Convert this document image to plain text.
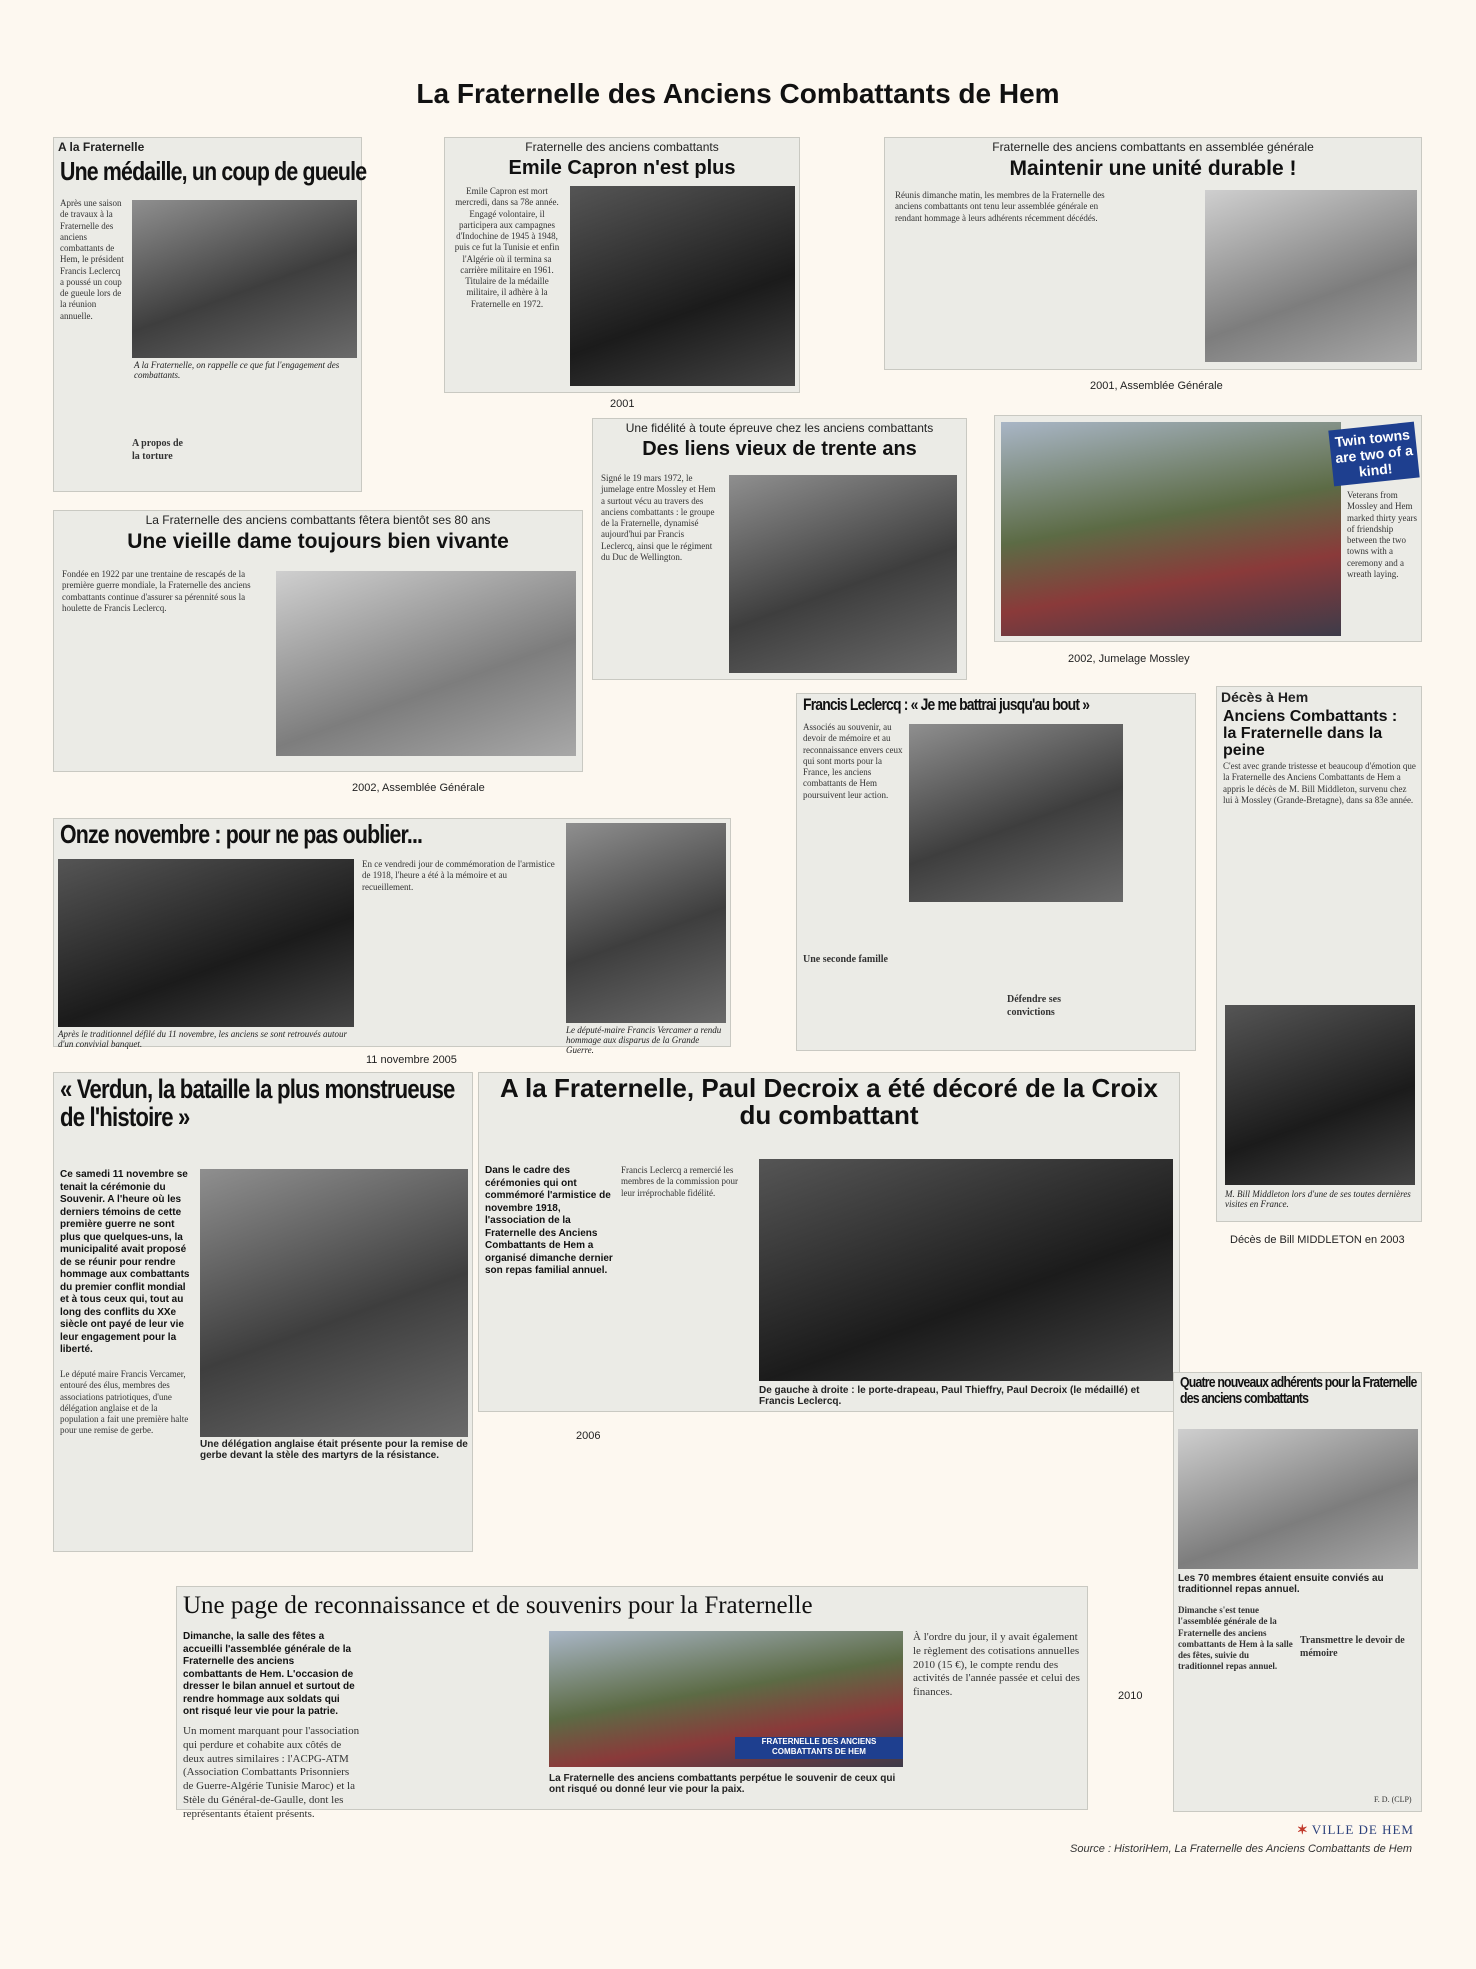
La Fraternelle des Anciens Combattants de Hem
A la Fraternelle
Une médaille, un coup de gueule
Après une saison de travaux à la Fraternelle des anciens combattants de Hem, le président Francis Leclercq a poussé un coup de gueule lors de la réunion annuelle.
A la Fraternelle, on rappelle ce que fut l'engagement des combattants.
A propos de la torture
Fraternelle des anciens combattants
Emile Capron n'est plus
Emile Capron est mort mercredi, dans sa 78e année. Engagé volontaire, il participera aux campagnes d'Indochine de 1945 à 1948, puis ce fut la Tunisie et enfin l'Algérie où il termina sa carrière militaire en 1961. Titulaire de la médaille militaire, il adhère à la Fraternelle en 1972.
2001
Fraternelle des anciens combattants en assemblée générale
Maintenir une unité durable !
Réunis dimanche matin, les membres de la Fraternelle des anciens combattants ont tenu leur assemblée générale en rendant hommage à leurs adhérents récemment décédés.
2001, Assemblée Générale
Une fidélité à toute épreuve chez les anciens combattants
Des liens vieux de trente ans
Signé le 19 mars 1972, le jumelage entre Mossley et Hem a surtout vécu au travers des anciens combattants : le groupe de la Fraternelle, dynamisé aujourd'hui par Francis Leclercq, ainsi que le régiment du Duc de Wellington.
Twin towns are two of a kind!
Veterans from Mossley and Hem marked thirty years of friendship between the two towns with a ceremony and a wreath laying.
2002, Jumelage Mossley
La Fraternelle des anciens combattants fêtera bientôt ses 80 ans
Une vieille dame toujours bien vivante
Fondée en 1922 par une trentaine de rescapés de la première guerre mondiale, la Fraternelle des anciens combattants continue d'assurer sa pérennité sous la houlette de Francis Leclercq.
2002, Assemblée Générale
Francis Leclercq : « Je me battrai jusqu'au bout »
Associés au souvenir, au devoir de mémoire et au reconnaissance envers ceux qui sont morts pour la France, les anciens combattants de Hem poursuivent leur action.
Une seconde famille
Défendre ses convictions
Décès à Hem
Anciens Combattants : la Fraternelle dans la peine
C'est avec grande tristesse et beaucoup d'émotion que la Fraternelle des Anciens Combattants de Hem a appris le décès de M. Bill Middleton, survenu chez lui à Mossley (Grande-Bretagne), dans sa 83e année.
M. Bill Middleton lors d'une de ses toutes dernières visites en France.
Décès de Bill MIDDLETON en 2003
Onze novembre : pour ne pas oublier...
Après le traditionnel défilé du 11 novembre, les anciens se sont retrouvés autour d'un convivial banquet.
En ce vendredi jour de commémoration de l'armistice de 1918, l'heure a été à la mémoire et au recueillement.
Le député-maire Francis Vercamer a rendu hommage aux disparus de la Grande Guerre.
11 novembre 2005
« Verdun, la bataille la plus monstrueuse de l'histoire »
Ce samedi 11 novembre se tenait la cérémonie du Souvenir. A l'heure où les derniers témoins de cette première guerre ne sont plus que quelques-uns, la municipalité avait proposé de se réunir pour rendre hommage aux combattants du premier conflit mondial et à tous ceux qui, tout au long des conflits du XXe siècle ont payé de leur vie leur engagement pour la liberté.
Une délégation anglaise était présente pour la remise de gerbe devant la stèle des martyrs de la résistance.
Le député maire Francis Vercamer, entouré des élus, membres des associations patriotiques, d'une délégation anglaise et de la population a fait une première halte pour une remise de gerbe.
A la Fraternelle, Paul Decroix a été décoré de la Croix du combattant
Dans le cadre des cérémonies qui ont commémoré l'armistice de novembre 1918, l'association de la Fraternelle des Anciens Combattants de Hem a organisé dimanche dernier son repas familial annuel.
Francis Leclercq a remercié les membres de la commission pour leur irréprochable fidélité.
De gauche à droite : le porte-drapeau, Paul Thieffry, Paul Decroix (le médaillé) et Francis Leclercq.
2006
Quatre nouveaux adhérents pour la Fraternelle des anciens combattants
Les 70 membres étaient ensuite conviés au traditionnel repas annuel.
Dimanche s'est tenue l'assemblée générale de la Fraternelle des anciens combattants de Hem à la salle des fêtes, suivie du traditionnel repas annuel.
Transmettre le devoir de mémoire
F. D. (CLP)
2010
Une page de reconnaissance et de souvenirs pour la Fraternelle
Dimanche, la salle des fêtes a accueilli l'assemblée générale de la Fraternelle des anciens combattants de Hem. L'occasion de dresser le bilan annuel et surtout de rendre hommage aux soldats qui ont risqué leur vie pour la patrie.
Un moment marquant pour l'association qui perdure et cohabite aux côtés de deux autres similaires : l'ACPG-ATM (Association Combattants Prisonniers de Guerre-Algérie Tunisie Maroc) et la Stèle du Général-de-Gaulle, dont les représentants étaient présents.
La Fraternelle des anciens combattants perpétue le souvenir de ceux qui ont risqué ou donné leur vie pour la paix.
FRATERNELLE DES ANCIENS COMBATTANTS DE HEM
À l'ordre du jour, il y avait également le règlement des cotisations annuelles 2010 (15 €), le compte rendu des activités de l'année passée et celui des finances.
✶ VILLE DE HEM
Source : HistoriHem, La Fraternelle des Anciens Combattants de Hem
